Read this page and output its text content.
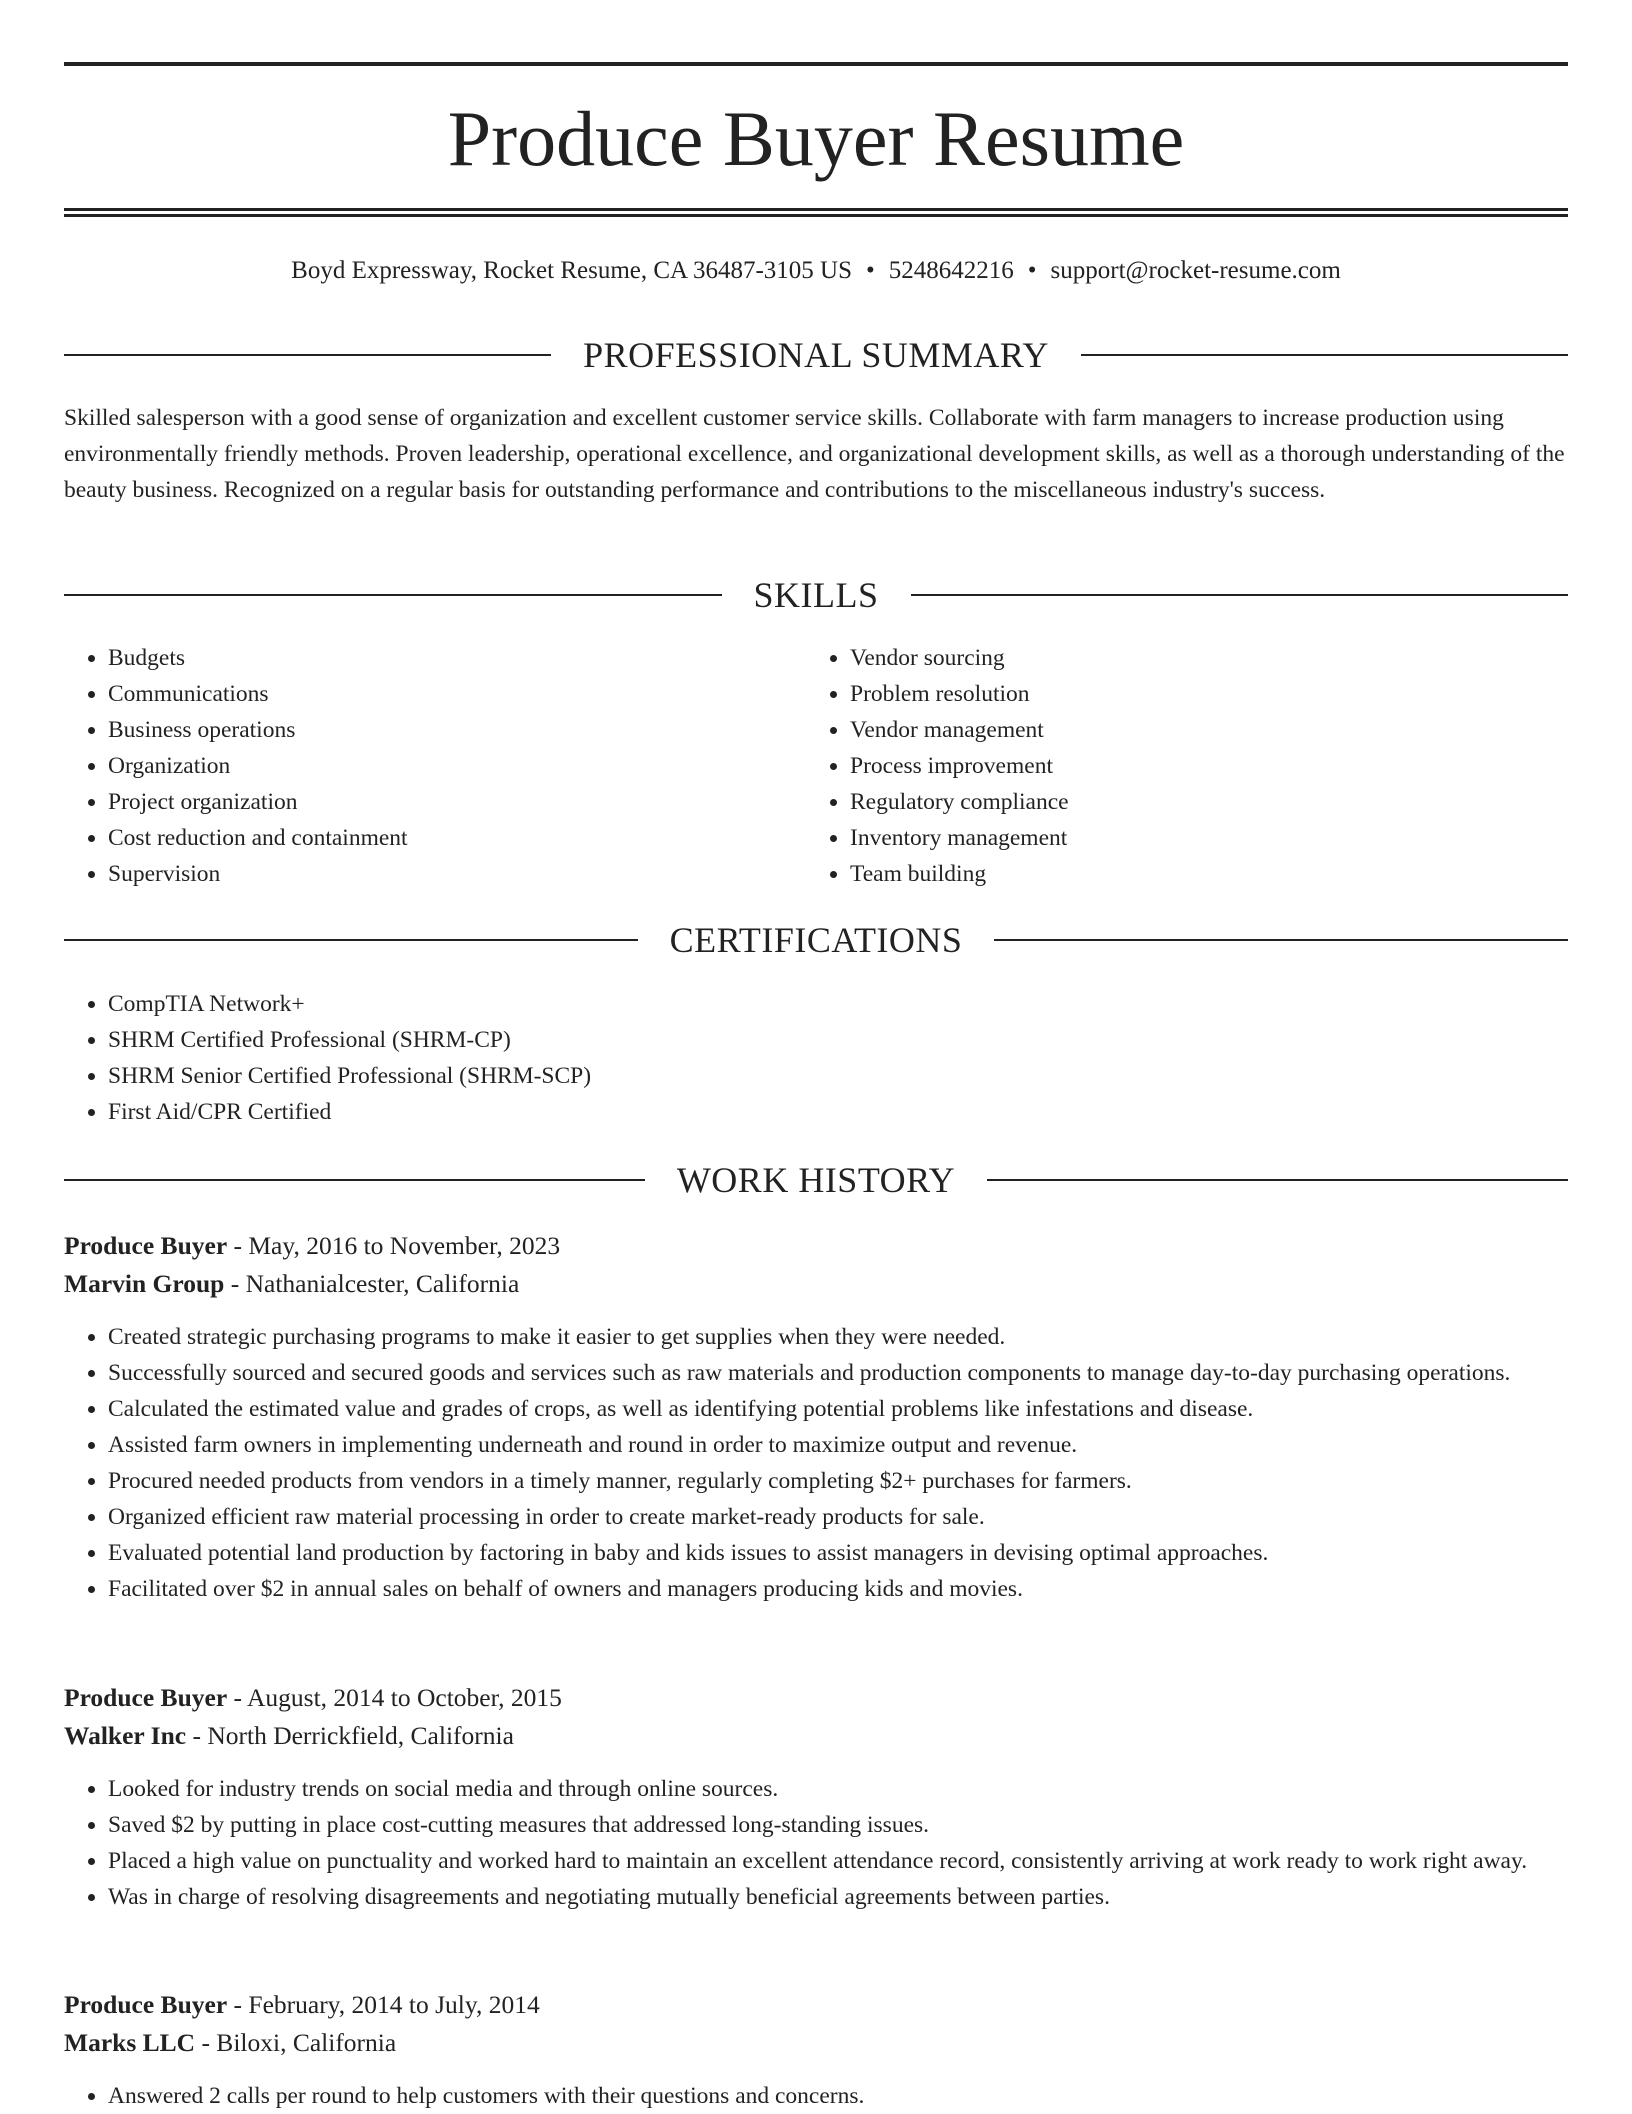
Produce Buyer Resume
Boyd Expressway, Rocket Resume, CA 36487-3105 US • 5248642216 • support@rocket-resume.com
PROFESSIONAL SUMMARY

Skilled salesperson with a good sense of organization and excellent customer service skills. Collaborate with farm managers to increase production using environmentally friendly methods. Proven leadership, operational excellence, and organizational development skills, as well as a thorough understanding of the beauty business. Recognized on a regular basis for outstanding performance and contributions to the miscellaneous industry's success.

SKILLS
• Budgets
• Communications
• Business operations
• Organization
• Project organization
• Cost reduction and containment
• Supervision
• Vendor sourcing
• Problem resolution
• Vendor management
• Process improvement
• Regulatory compliance
• Inventory management
• Team building
CERTIFICATIONS
• CompTIA Network+
• SHRM Certified Professional (SHRM-CP)
• SHRM Senior Certified Professional (SHRM-SCP)
• First Aid/CPR Certified
WORK HISTORY
Produce Buyer - May, 2016 to November, 2023
Marvin Group - Nathanialcester, California
• Created strategic purchasing programs to make it easier to get supplies when they were needed.
• Successfully sourced and secured goods and services such as raw materials and production components to manage day-to-day purchasing operations.
• Calculated the estimated value and grades of crops, as well as identifying potential problems like infestations and disease.
• Assisted farm owners in implementing underneath and round in order to maximize output and revenue.
• Procured needed products from vendors in a timely manner, regularly completing $2+ purchases for farmers.
• Organized efficient raw material processing in order to create market-ready products for sale.
• Evaluated potential land production by factoring in baby and kids issues to assist managers in devising optimal approaches.
• Facilitated over $2 in annual sales on behalf of owners and managers producing kids and movies.
Produce Buyer - August, 2014 to October, 2015
Walker Inc - North Derrickfield, California
• Looked for industry trends on social media and through online sources.
• Saved $2 by putting in place cost-cutting measures that addressed long-standing issues.
• Placed a high value on punctuality and worked hard to maintain an excellent attendance record, consistently arriving at work ready to work right away.
• Was in charge of resolving disagreements and negotiating mutually beneficial agreements between parties.
Produce Buyer - February, 2014 to July, 2014
Marks LLC - Biloxi, California
• Answered 2 calls per round to help customers with their questions and concerns.
